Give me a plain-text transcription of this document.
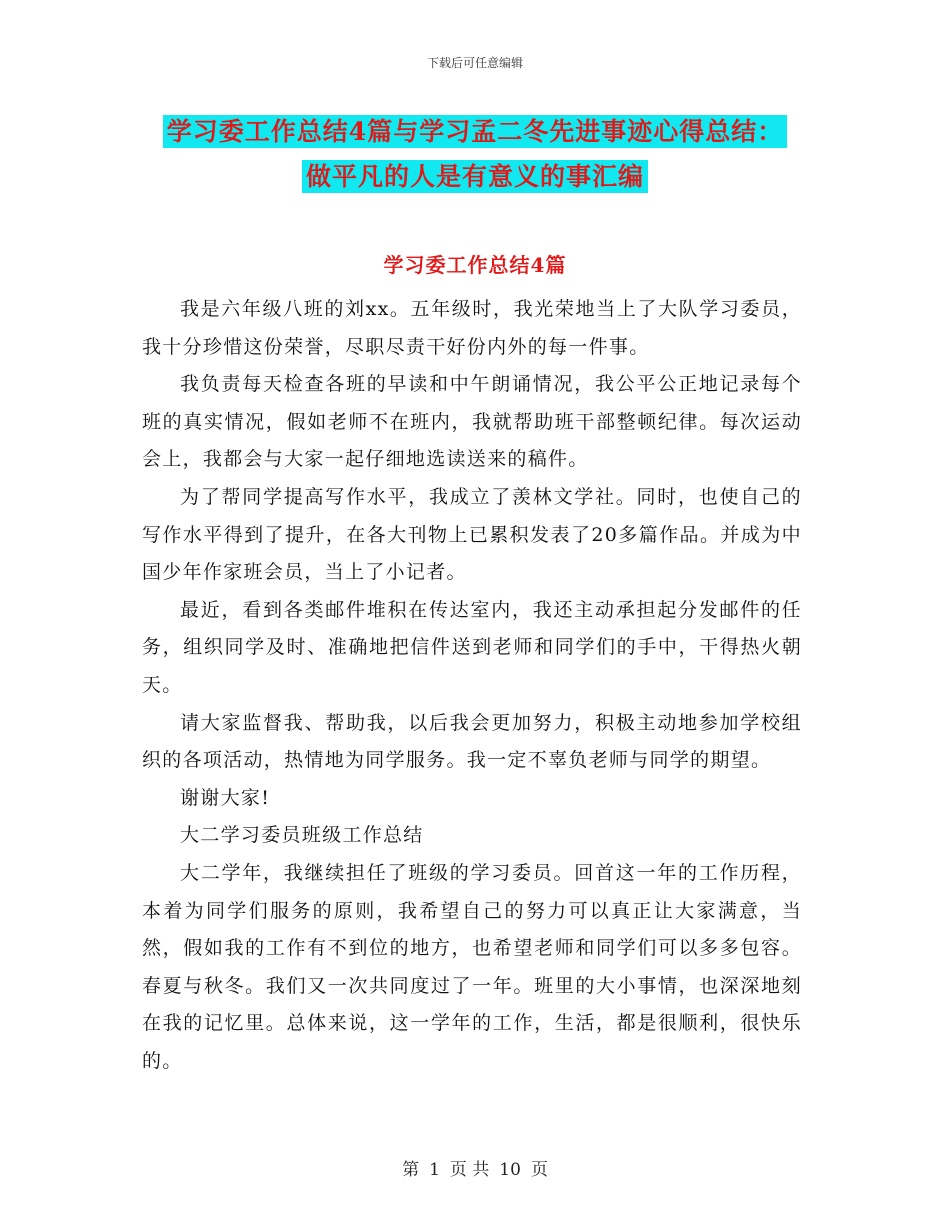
下载后可任意编辑
学习委工作总结4篇与学习孟二冬先进事迹心得总结：
做平凡的人是有意义的事汇编
学习委工作总结4篇

我是六年级八班的刘xx。五年级时，我光荣地当上了大队学习委员，我十分珍惜这份荣誉，尽职尽责干好份内外的每一件事。

我负责每天检查各班的早读和中午朗诵情况，我公平公正地记录每个班的真实情况，假如老师不在班内，我就帮助班干部整顿纪律。每次运动会上，我都会与大家一起仔细地选读送来的稿件。

为了帮同学提高写作水平，我成立了羡林文学社。同时，也使自己的写作水平得到了提升，在各大刊物上已累积发表了20多篇作品。并成为中国少年作家班会员，当上了小记者。

最近，看到各类邮件堆积在传达室内，我还主动承担起分发邮件的任务，组织同学及时、准确地把信件送到老师和同学们的手中，干得热火朝天。

请大家监督我、帮助我，以后我会更加努力，积极主动地参加学校组织的各项活动，热情地为同学服务。我一定不辜负老师与同学的期望。

谢谢大家!

大二学习委员班级工作总结

大二学年，我继续担任了班级的学习委员。回首这一年的工作历程，本着为同学们服务的原则，我希望自己的努力可以真正让大家满意，当然，假如我的工作有不到位的地方，也希望老师和同学们可以多多包容。春夏与秋冬。我们又一次共同度过了一年。班里的大小事情，也深深地刻在我的记忆里。总体来说，这一学年的工作，生活，都是很顺利，很快乐的。

第 1 页 共 10 页
